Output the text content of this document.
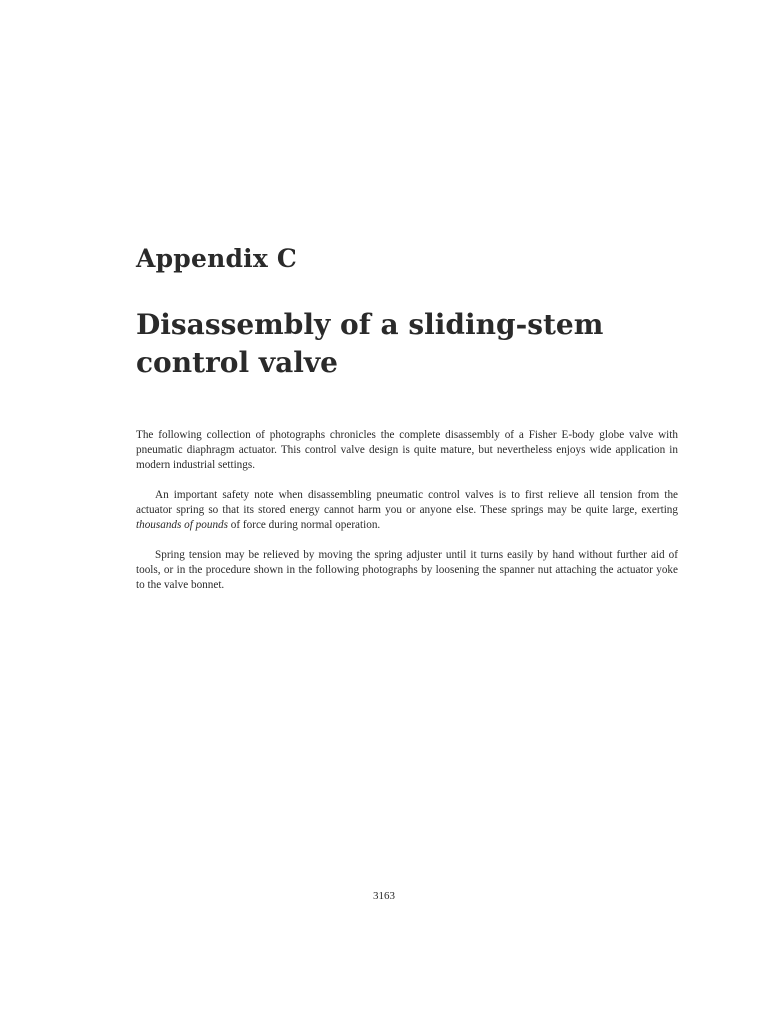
Appendix C
Disassembly of a sliding-stem control valve

The following collection of photographs chronicles the complete disassembly of a Fisher E-body globe valve with pneumatic diaphragm actuator. This control valve design is quite mature, but nevertheless enjoys wide application in modern industrial settings.

An important safety note when disassembling pneumatic control valves is to first relieve all tension from the actuator spring so that its stored energy cannot harm you or anyone else. These springs may be quite large, exerting thousands of pounds of force during normal operation.

Spring tension may be relieved by moving the spring adjuster until it turns easily by hand without further aid of tools, or in the procedure shown in the following photographs by loosening the spanner nut attaching the actuator yoke to the valve bonnet.

3163
